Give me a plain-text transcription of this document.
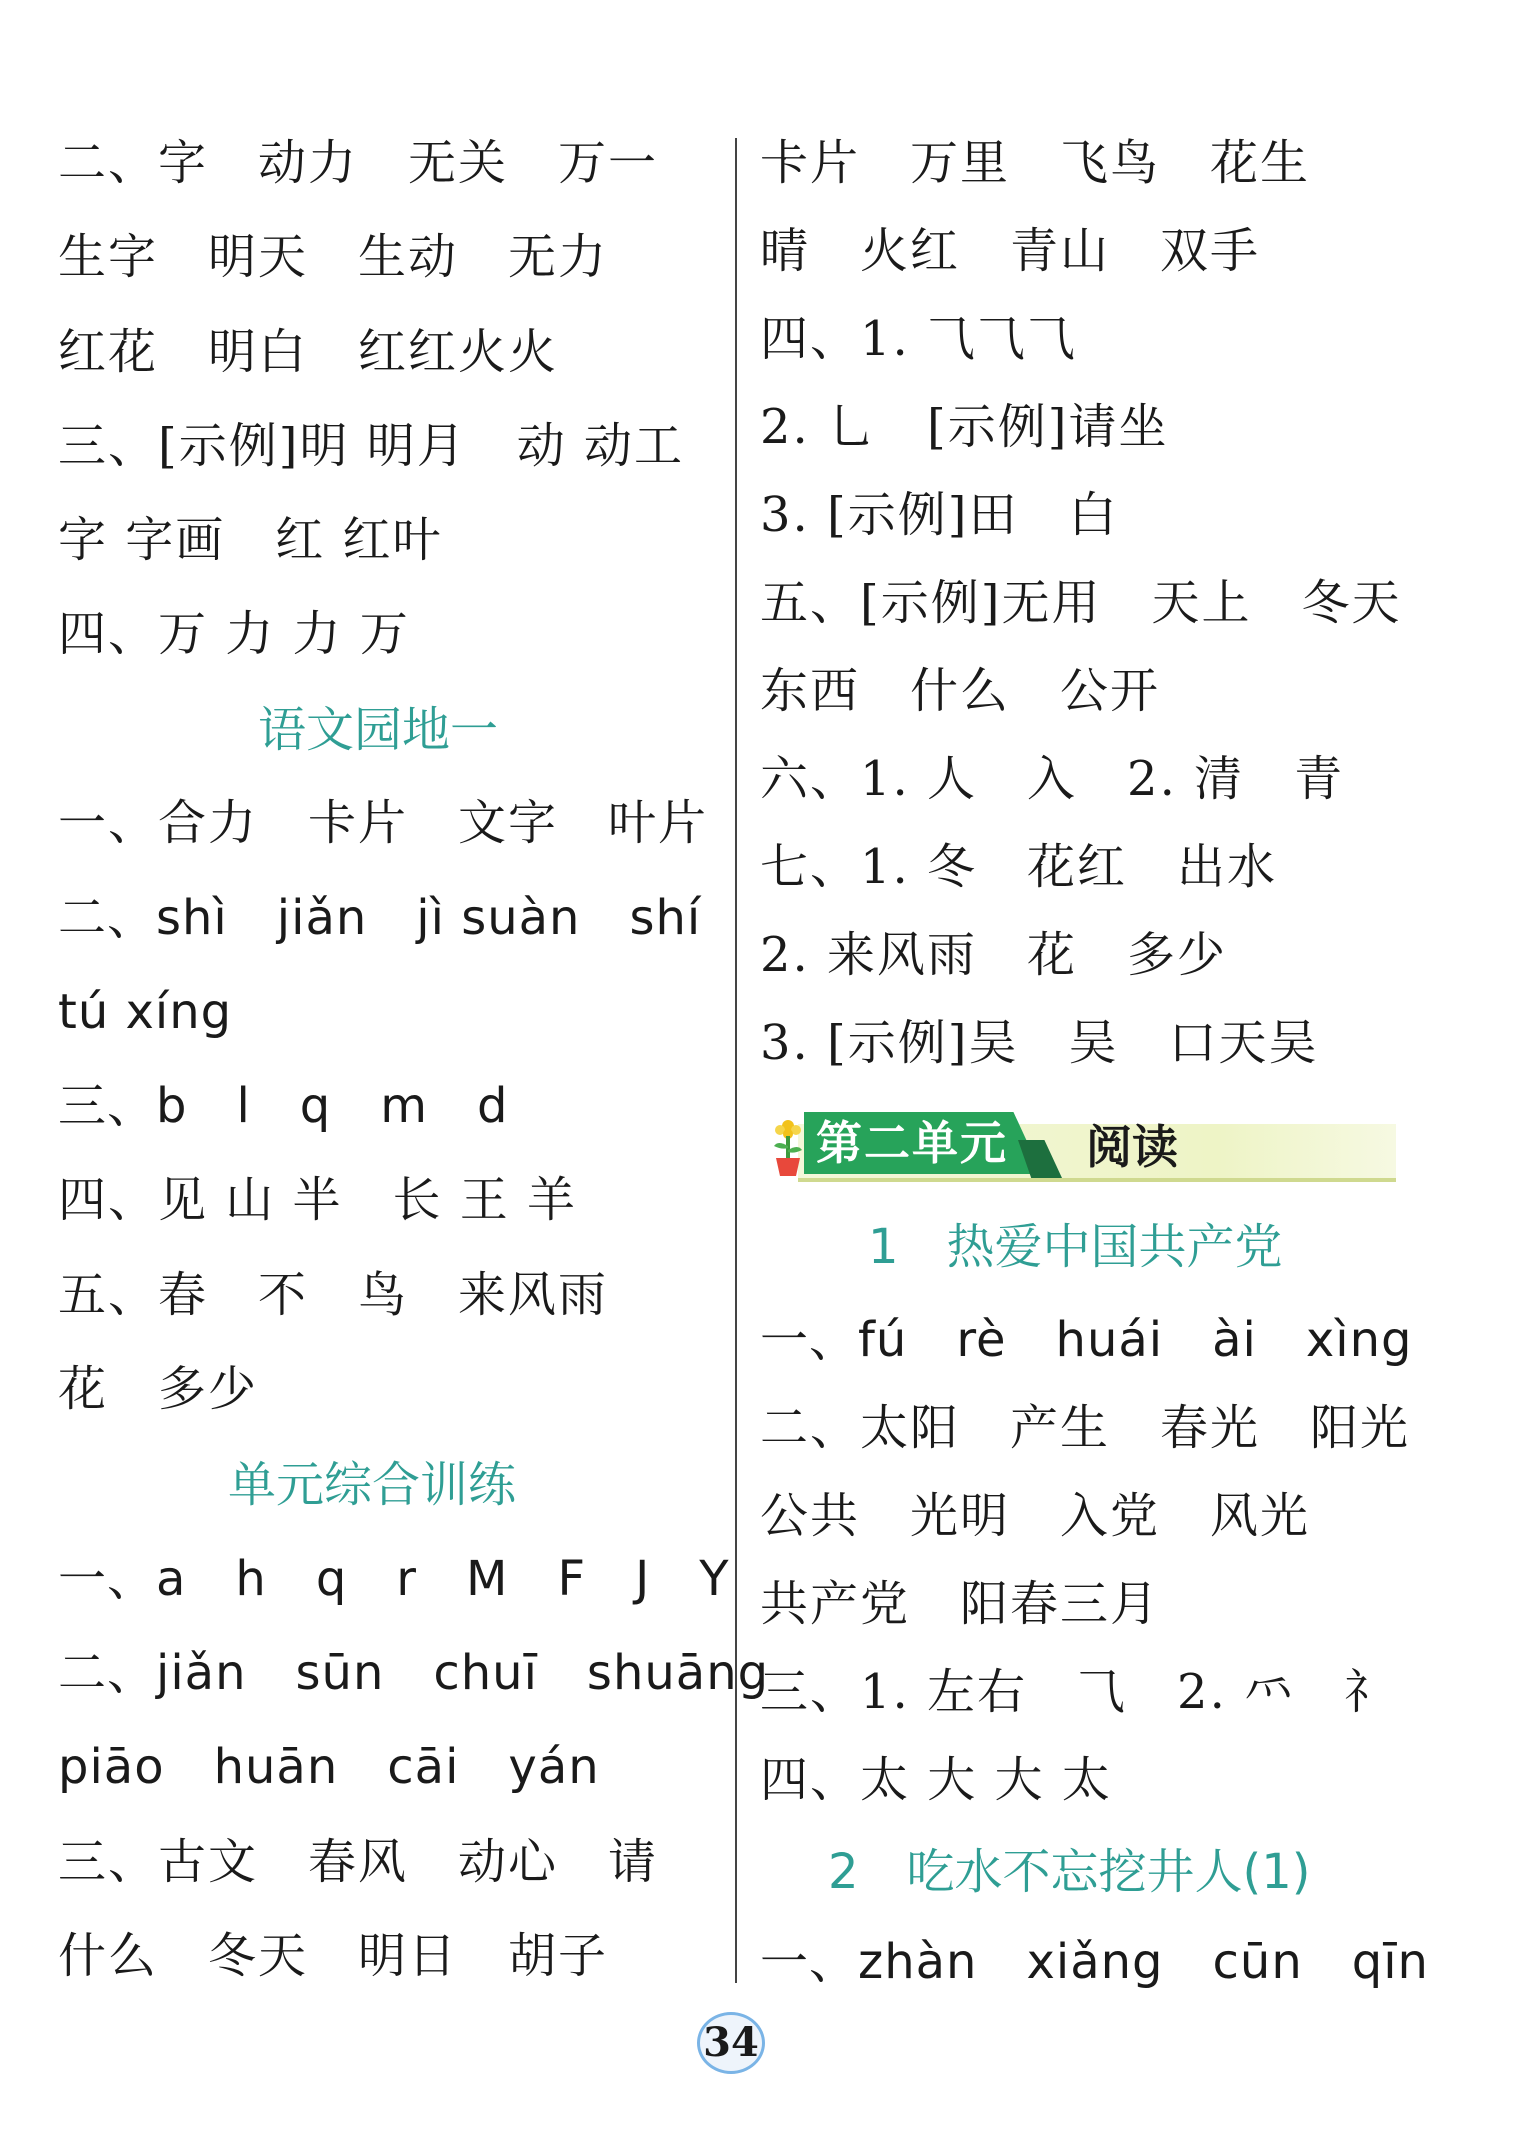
二、字　动力　无关　万一
生字　明天　生动　无力
红花　明白　红红火火
三、[示例]明 明月　动 动工
字 字画　红 红叶
四、万 力 力 万
语文园地一
一、合力　卡片　文字　叶片
二、shì　jiǎn　jì suàn　shí
tú xíng
三、b　l　q　m　d
四、见 山 半　长 王 羊
五、春　不　鸟　来风雨
花　多少
单元综合训练
一、a　h　q　r　M　F　J　Y
二、jiǎn　sūn　chuī　shuāng
piāo　huān　cāi　yán
三、古文　春风　动心　请
什么　冬天　明日　胡子
卡片　万里　飞鸟　花生
晴　火红　青山　双手
四、1. ⺄⺄⺄
2. ⺃　[示例]请坐
3. [示例]田　白
五、[示例]无用　天上　冬天
东西　什么　公开
六、1. 人　入　2. 清　青
七、1. 冬　花红　出水
2. 来风雨　花　多少
3. [示例]吴　吴　口天吴
第二单元 阅读
1　热爱中国共产党
一、fú　rè　huái　ài　xìng
二、太阳　产生　春光　阳光
公共　光明　入党　风光
共产党　阳春三月
三、1. 左右　⺄　2. ⺤　礻
四、太 大 大 太
2　吃水不忘挖井人(1)
一、zhàn　xiǎng　cūn　qīn
34
